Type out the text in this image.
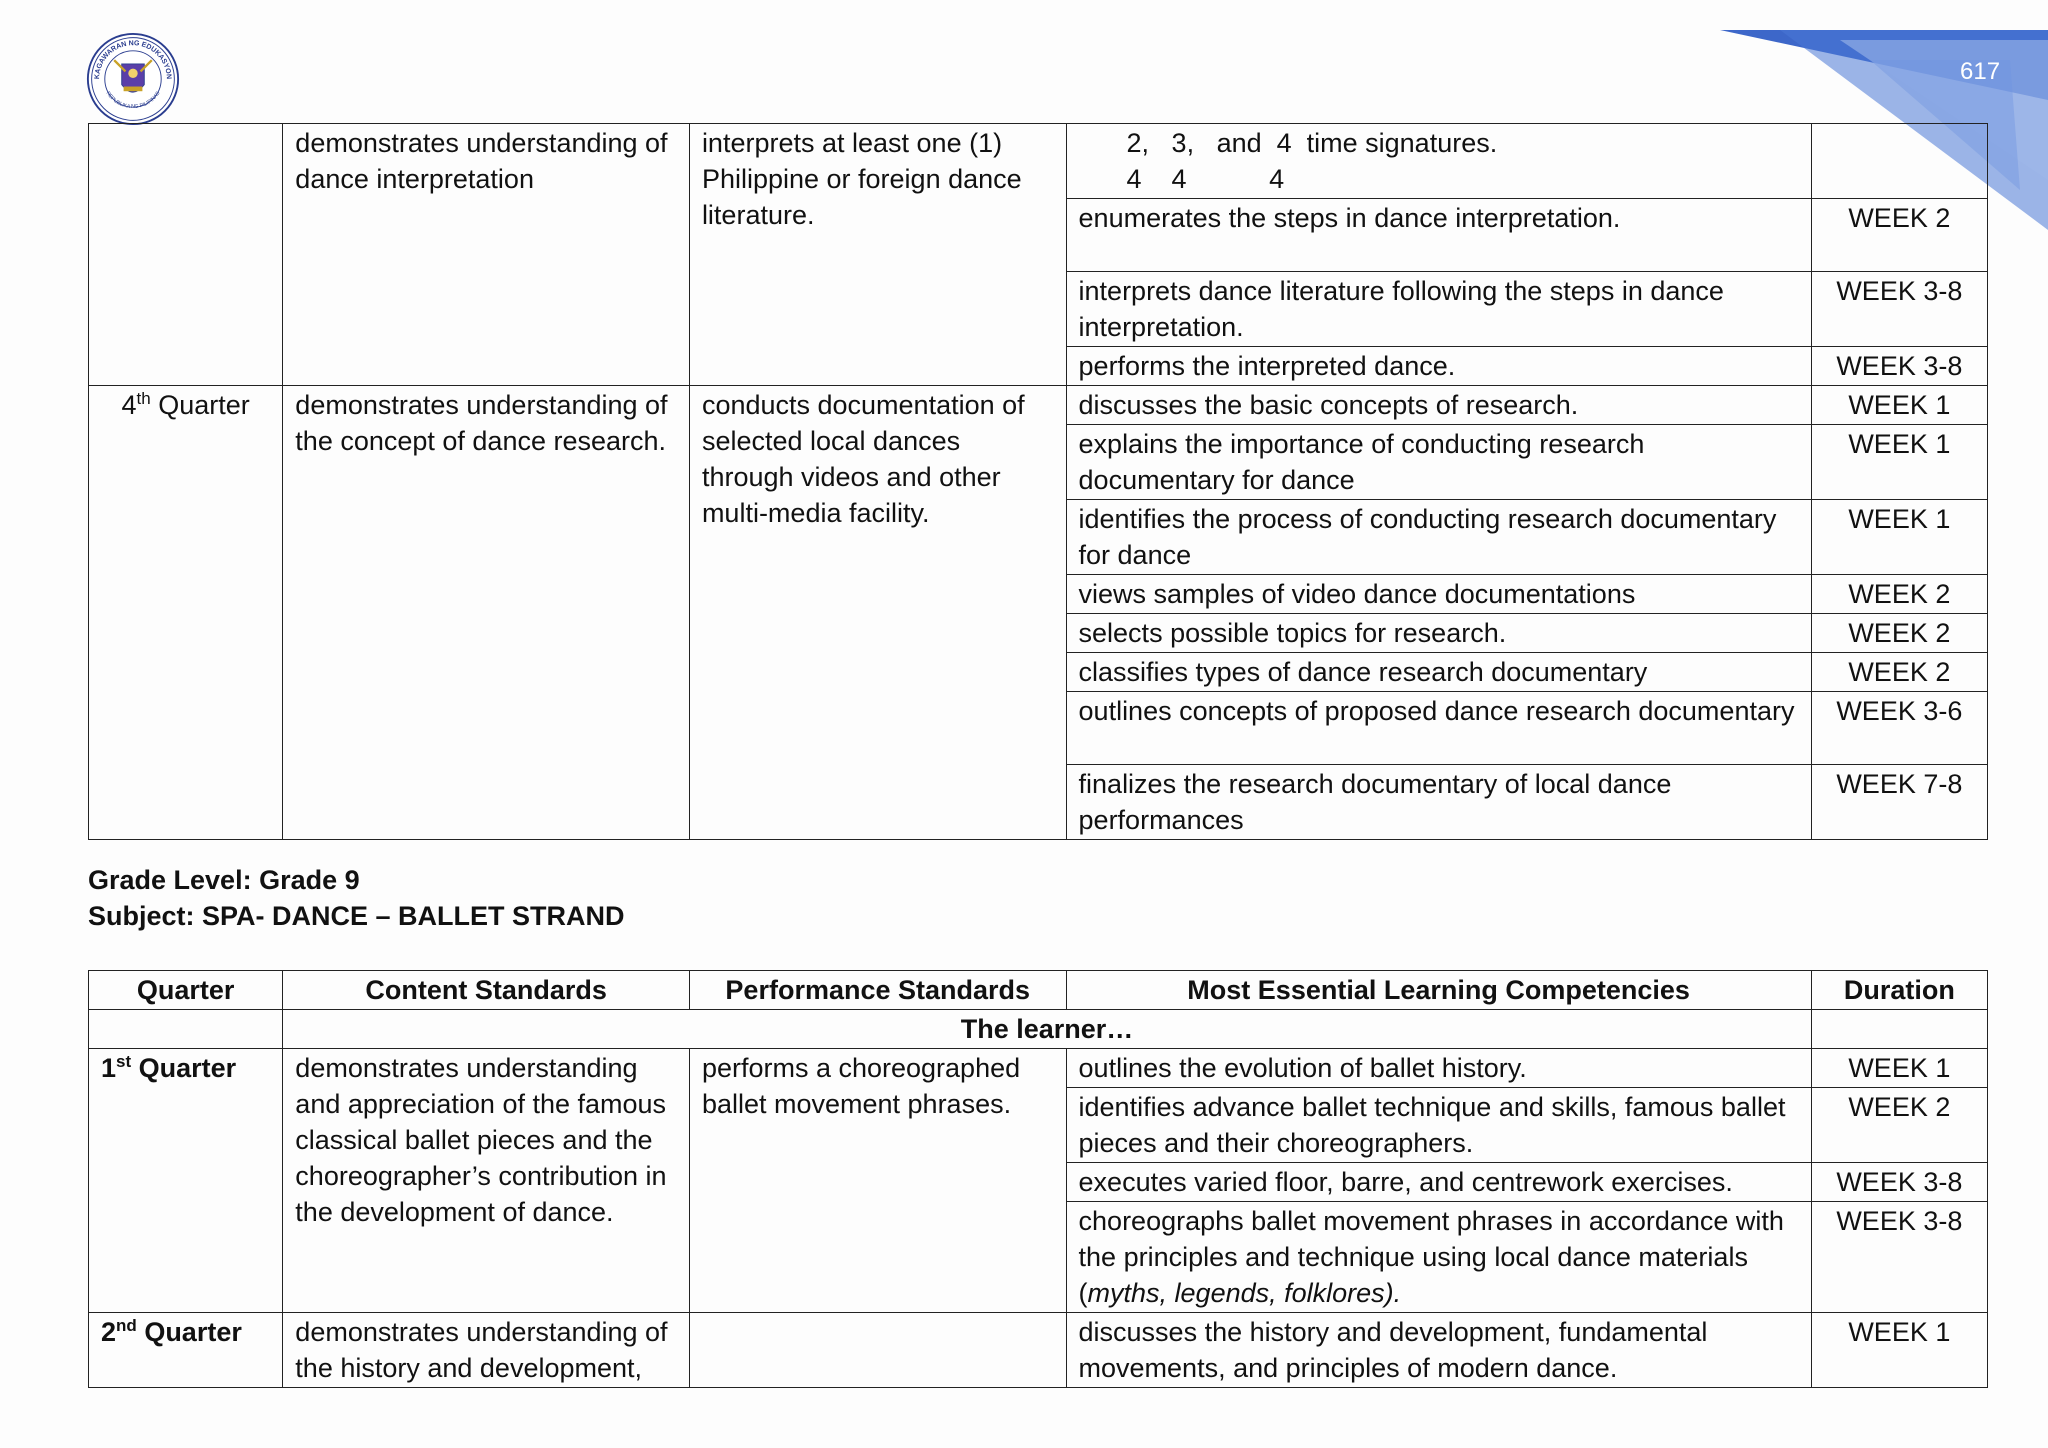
KAGAWARAN NG EDUKASYON
REPUBLIKA NG PILIPINAS
617
	demonstrates understanding of dance interpretation	interprets at least one (1) Philippine or foreign dance literature.	2,   3,   and  4  time signatures.
4    4           4	
			enumerates the steps in dance interpretation.	WEEK 2
			interprets dance literature following the steps in dance interpretation.	WEEK 3-8
			performs the interpreted dance.	WEEK 3-8
4th Quarter	demonstrates understanding of the concept of dance research.	conducts documentation of selected local dances through videos and other multi-media facility.	discusses the basic concepts of research.	WEEK 1
			explains the importance of conducting research documentary for dance	WEEK 1
			identifies the process of conducting research documentary for dance	WEEK 1
			views samples of video dance documentations	WEEK 2
			selects possible topics for research.	WEEK 2
			classifies types of dance research documentary	WEEK 2
			outlines concepts of proposed dance research documentary	WEEK 3-6
			finalizes the research documentary of local dance performances	WEEK 7-8
Grade Level: Grade 9
Subject: SPA- DANCE – BALLET STRAND
Quarter	Content Standards	Performance Standards	Most Essential Learning Competencies	Duration
	The learner…			
1st Quarter	demonstrates understanding and appreciation of the famous classical ballet pieces and the choreographer’s contribution in the development of dance.	performs a choreographed ballet movement phrases.	outlines the evolution of ballet history.	WEEK 1
			identifies advance ballet technique and skills, famous ballet pieces and their choreographers.	WEEK 2
			executes varied floor, barre, and centrework exercises.	WEEK 3-8
			choreographs ballet movement phrases in accordance with the principles and technique using local dance materials (myths, legends, folklores).	WEEK 3-8
2nd Quarter	demonstrates understanding of the history and development,		discusses the history and development, fundamental movements, and principles of modern dance.	WEEK 1
